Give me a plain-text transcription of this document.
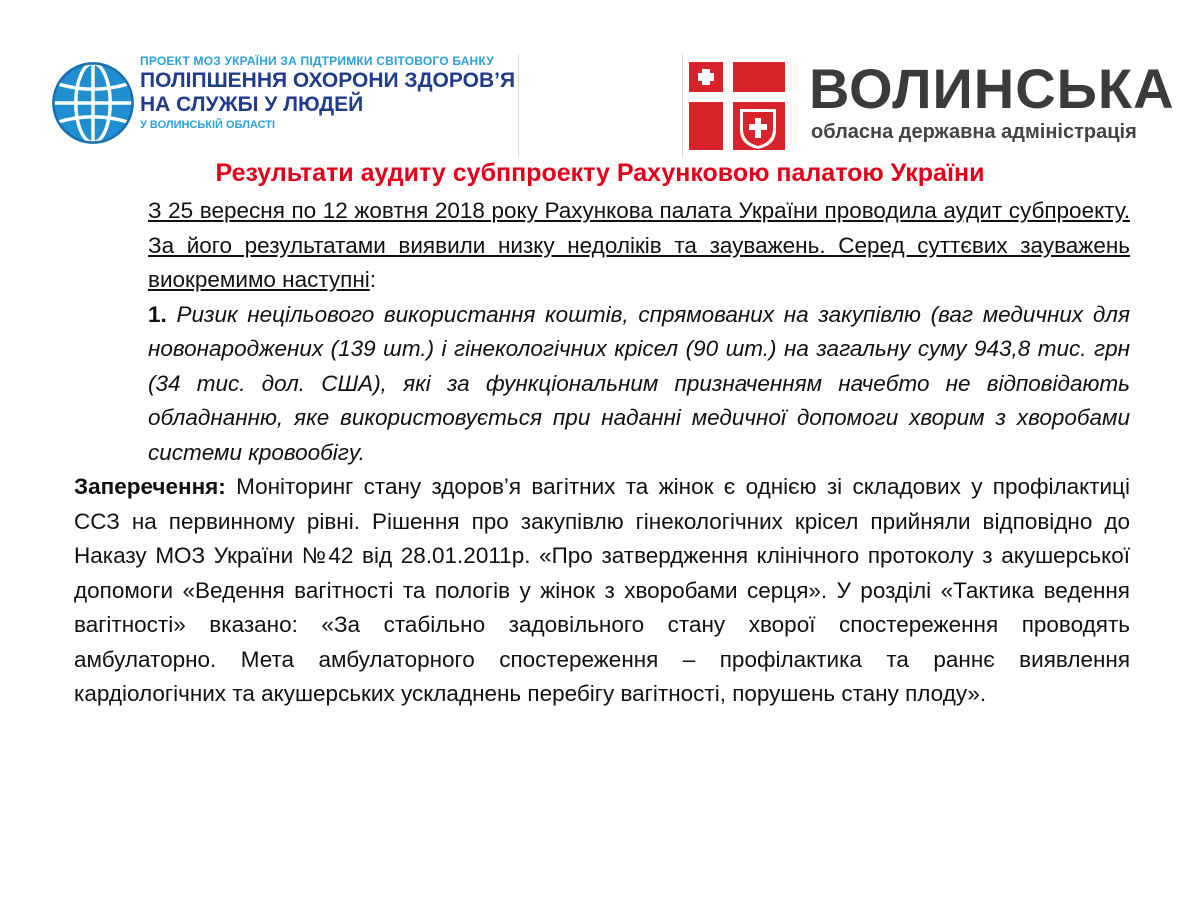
ПРОЕКТ МОЗ УКРАЇНИ ЗА ПІДТРИМКИ СВІТОВОГО БАНКУ
ПОЛІПШЕННЯ ОХОРОНИ ЗДОРОВ’Я
НА СЛУЖБІ У ЛЮДЕЙ
У ВОЛИНСЬКІЙ ОБЛАСТІ
ВОЛИНСЬКА
обласна державна адміністрація
Результати аудиту субппроекту Рахунковою палатою України

З 25 вересня по 12 жовтня 2018 року Рахункова палата України проводила аудит субпроекту. За його результатами виявили низку недоліків та зауважень. Серед суттєвих зауважень виокремимо наступні:

1. Ризик нецільового використання коштів, спрямованих на закупівлю (ваг медичних для новонароджених (139 шт.) і гінекологічних крісел (90 шт.) на загальну суму 943,8 тис. грн (34 тис. дол. США), які за функціональним призначенням начебто не відповідають обладнанню, яке використовується при наданні медичної допомоги хворим з хворобами системи кровообігу.

Заперечення: Моніторинг стану здоров’я вагітних та жінок є однією зі складових у профілактиці ССЗ на первинному рівні. Рішення про закупівлю гінекологічних крісел прийняли відповідно до Наказу МОЗ України №42 від 28.01.2011р. «Про затвердження клінічного протоколу з акушерської допомоги «Ведення вагітності та пологів у жінок з хворобами серця». У розділі «Тактика ведення вагітності» вказано: «За стабільно задовільного стану хворої спостереження проводять амбулаторно. Мета амбулаторного спостереження – профілактика та раннє виявлення кардіологічних та акушерських ускладнень перебігу вагітності, порушень стану плоду».
